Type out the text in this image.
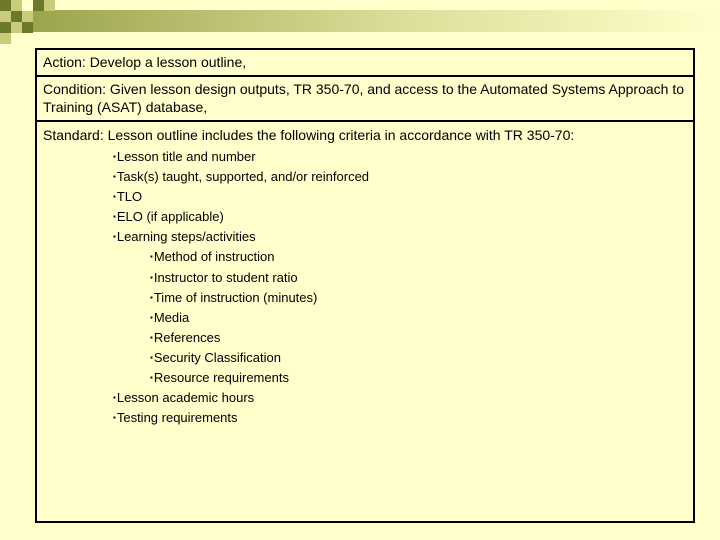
Action: Develop a lesson outline,
Condition: Given lesson design outputs, TR 350-70, and access to the Automated Systems Approach to Training (ASAT) database,
Standard: Lesson outline includes the following criteria in accordance with TR 350-70:
▪ Lesson title and number
▪ Task(s) taught, supported, and/or reinforced
▪ TLO
▪ ELO (if applicable)
▪ Learning steps/activities
▪ Method of instruction
▪ Instructor to student ratio
▪ Time of instruction (minutes)
▪ Media
▪ References
▪ Security Classification
▪ Resource requirements
▪ Lesson academic hours
▪ Testing requirements
